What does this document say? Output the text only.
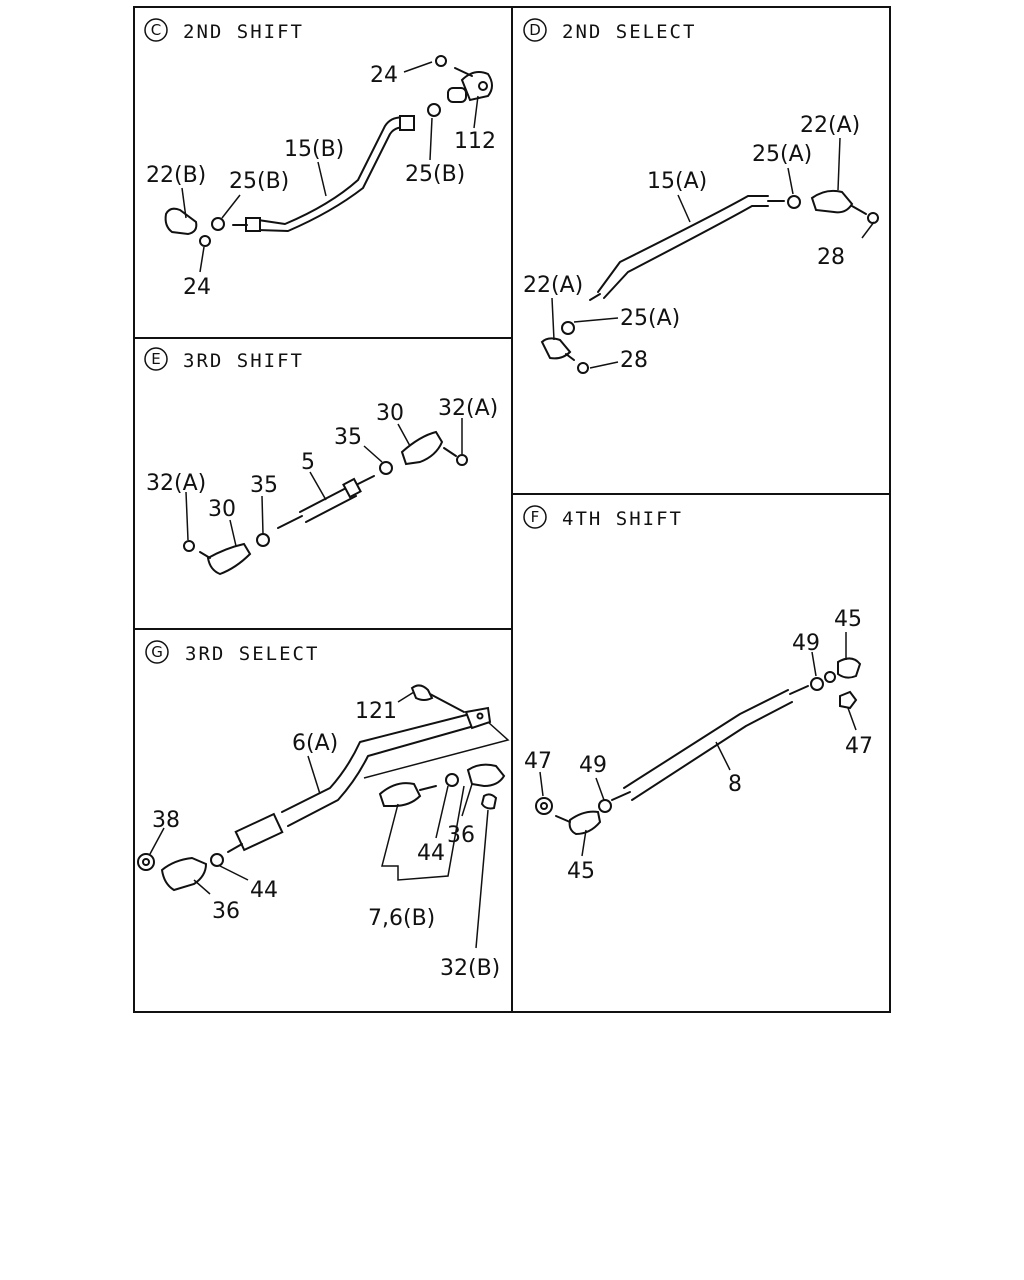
C 2ND SHIFT
24
112
15(B)
25(B)
22(B) 25(B)
24
D 2ND SELECT
22(A)
25(A)
15(A)
28
22(A)
25(A)
28
E 3RD SHIFT
30 32(A)
35
5
32(A) 35
30
G 3RD SELECT
121
6(A)
38
44
36
44
36
7,6(B)
32(B)
F 4TH SHIFT
45
49
47
8
47 49
45
